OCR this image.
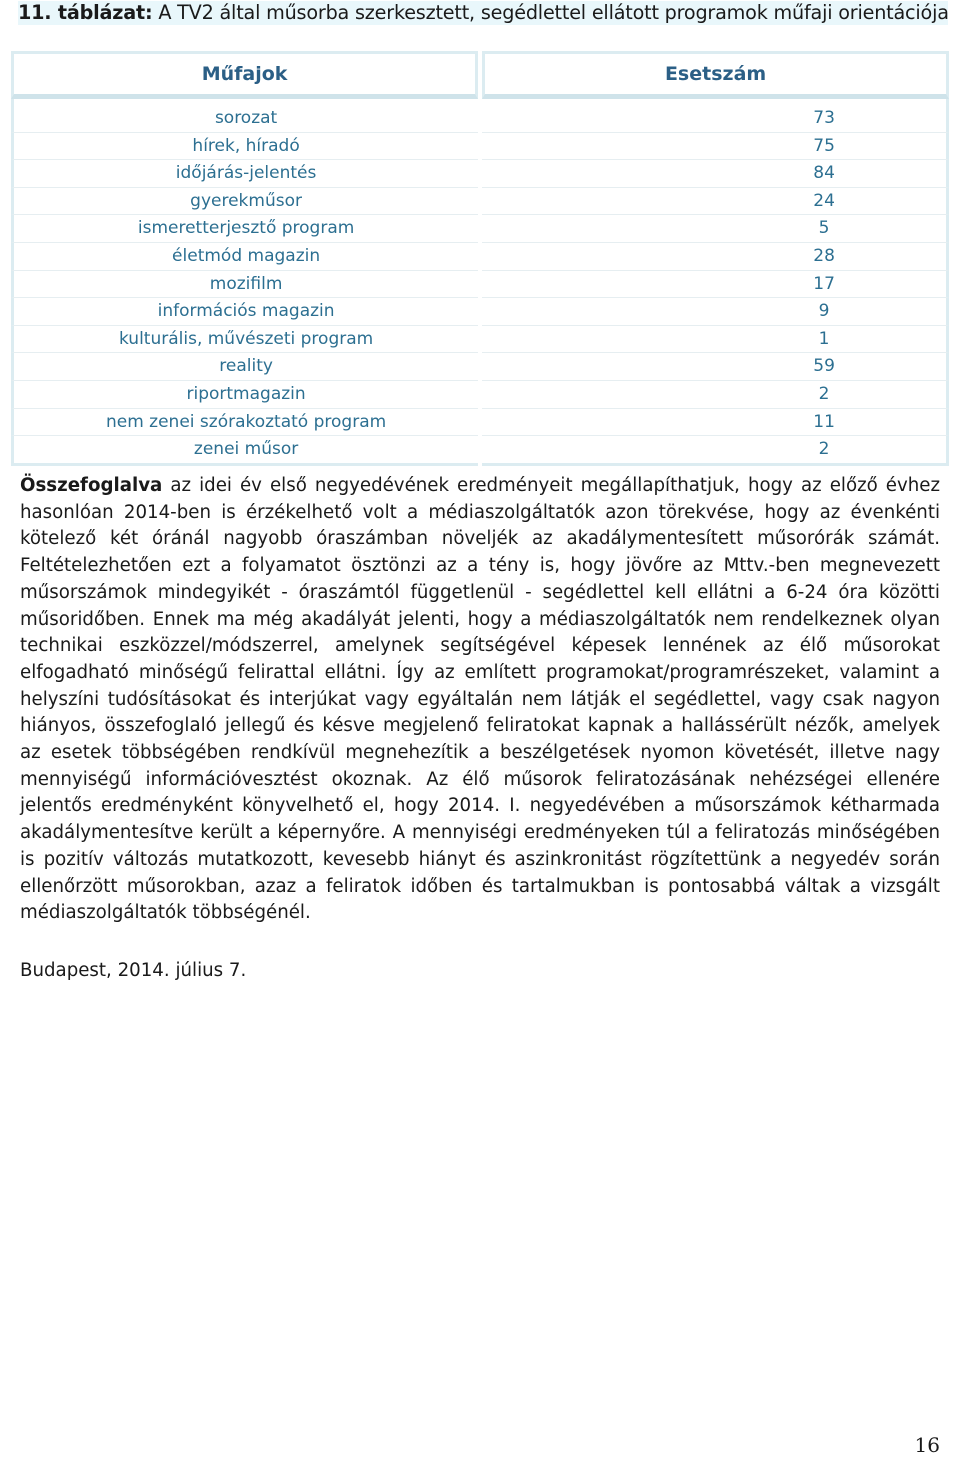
11. táblázat: A TV2 által műsorba szerkesztett, segédlettel ellátott programok műfaji orientációja
Műfajok	Esetszám
sorozat	73
hírek, híradó	75
időjárás-jelentés	84
gyerekműsor	24
ismeretterjesztő program	5
életmód magazin	28
mozifilm	17
információs magazin	9
kulturális, művészeti program	1
reality	59
riportmagazin	2
nem zenei szórakoztató program	11
zenei műsor	2
Összefoglalva az idei év első negyedévének eredményeit megállapíthatjuk, hogy az előző évhez hasonlóan 2014-ben is érzékelhető volt a médiaszolgáltatók azon törekvése, hogy az évenkénti kötelező két óránál nagyobb óraszámban növeljék az akadálymentesített műsorórák számát. Feltételezhetően ezt a folyamatot ösztönzi az a tény is, hogy jövőre az Mttv.-ben megnevezett műsorszámok mindegyikét - óraszámtól függetlenül - segédlettel kell ellátni a 6-24 óra közötti műsoridőben. Ennek ma még akadályát jelenti, hogy a médiaszolgáltatók nem rendelkeznek olyan technikai eszközzel/módszerrel, amelynek segítségével képesek lennének az élő műsorokat elfogadható minőségű felirattal ellátni. Így az említett programokat/programrészeket, valamint a helyszíni tudósításokat és interjúkat vagy egyáltalán nem látják el segédlettel, vagy csak nagyon hiányos, összefoglaló jellegű és késve megjelenő feliratokat kapnak a hallássérült nézők, amelyek az esetek többségében rendkívül megnehezítik a beszélgetések nyomon követését, illetve nagy mennyiségű információvesztést okoznak. Az élő műsorok feliratozásának nehézségei ellenére jelentős eredményként könyvelhető el, hogy 2014. I. negyedévében a műsorszámok kétharmada akadálymentesítve került a képernyőre. A mennyiségi eredményeken túl a feliratozás minőségében is pozitív változás mutatkozott, kevesebb hiányt és aszinkronitást rögzítettünk a negyedév során ellenőrzött műsorokban, azaz a feliratok időben és tartalmukban is pontosabbá váltak a vizsgált médiaszolgáltatók többségénél.
Budapest, 2014. július 7.
16
